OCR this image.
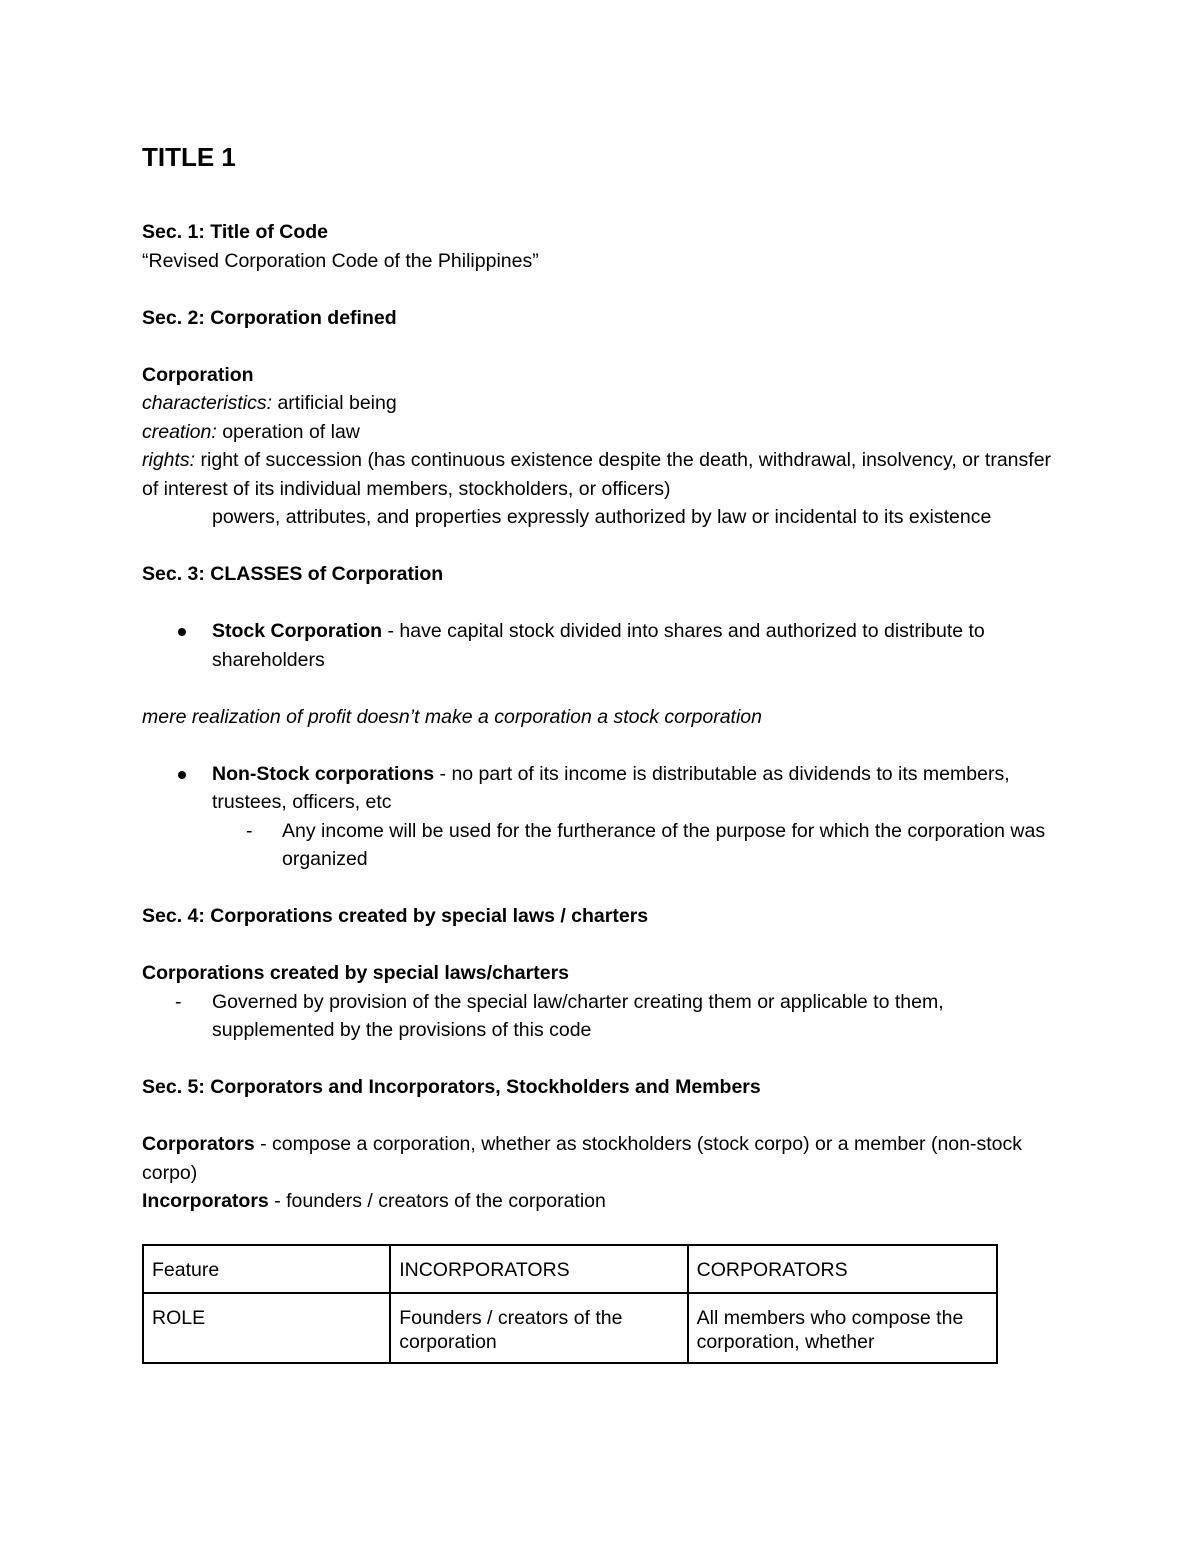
TITLE 1

Sec. 1: Title of Code

“Revised Corporation Code of the Philippines”

Sec. 2: Corporation defined

Corporation

characteristics: artificial being

creation: operation of law

rights: right of succession (has continuous existence despite the death, withdrawal, insolvency, or transfer of interest of its individual members, stockholders, or officers)

powers, attributes, and properties expressly authorized by law or incidental to its existence

Sec. 3: CLASSES of Corporation

Stock Corporation - have capital stock divided into shares and authorized to distribute to shareholders

mere realization of profit doesn’t make a corporation a stock corporation

Non-Stock corporations - no part of its income is distributable as dividends to its members, trustees, officers, etc
- Any income will be used for the furtherance of the purpose for which the corporation was organized

Sec. 4: Corporations created by special laws / charters

Corporations created by special laws/charters

- Governed by provision of the special law/charter creating them or applicable to them, supplemented by the provisions of this code

Sec. 5: Corporators and Incorporators, Stockholders and Members

Corporators - compose a corporation, whether as stockholders (stock corpo) or a member (non-stock corpo)

Incorporators - founders / creators of the corporation

Feature	INCORPORATORS	CORPORATORS
ROLE	Founders / creators of the corporation	All members who compose the corporation, whether
